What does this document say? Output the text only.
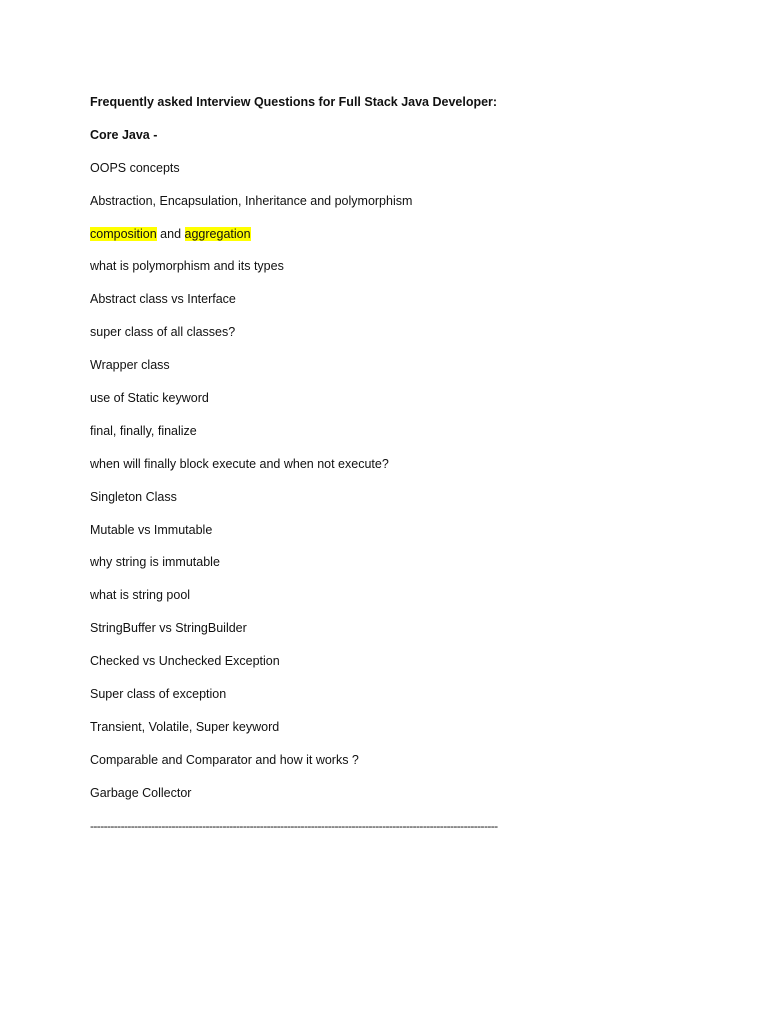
Frequently asked Interview Questions for Full Stack Java Developer:
Core Java -
OOPS concepts
Abstraction, Encapsulation, Inheritance and polymorphism
composition and aggregation
what is polymorphism and its types
Abstract class vs Interface
super class of all classes?
Wrapper class
use of Static keyword
final, finally, finalize
when will finally block execute and when not execute?
Singleton Class
Mutable vs Immutable
why string is immutable
what is string pool
StringBuffer vs StringBuilder
Checked vs Unchecked Exception
Super class of exception
Transient, Volatile, Super keyword
Comparable and Comparator and how it works ?
Garbage Collector
------------------------------------------------------------------------------------------------------------------------
